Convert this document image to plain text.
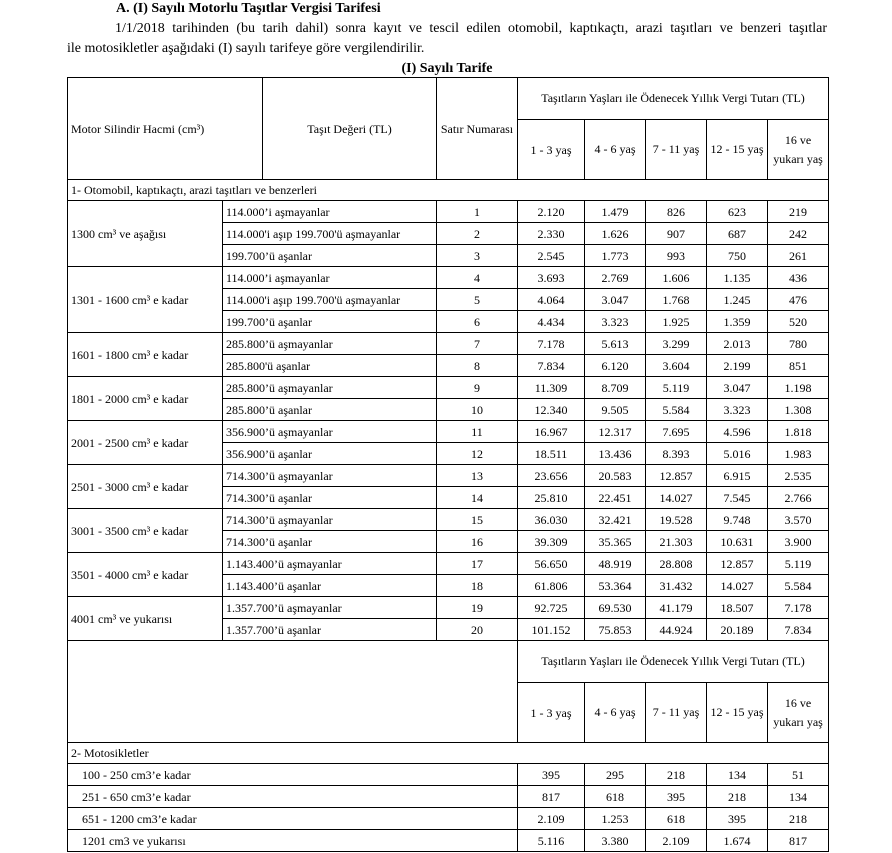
A. (I) Sayılı Motorlu Taşıtlar Vergisi Tarifesi
1/1/2018 tarihinden (bu tarih dahil) sonra kayıt ve tescil edilen otomobil, kaptıkaçtı, arazi taşıtları ve benzeri taşıtlar
ile motosikletler aşağıdaki (I) sayılı tarifeye göre vergilendirilir.
(I) Sayılı Tarife
Motor Silindir Hacmi (cm³)		Taşıt Değeri (TL)	Satır Numarası	Taşıtların Yaşları ile Ödenecek Yıllık Vergi Tutarı (TL)				
				1 - 3 yaş	4 - 6 yaş	7 - 11 yaş	12 - 15 yaş	16 ve yukarı yaş
1- Otomobil, kaptıkaçtı, arazi taşıtları ve benzerleri								
1300 cm³ ve aşağısı	114.000’i aşmayanlar		1	2.120	1.479	826	623	219
	114.000'i aşıp 199.700'ü aşmayanlar		2	2.330	1.626	907	687	242
	199.700’ü aşanlar		3	2.545	1.773	993	750	261
1301 - 1600 cm³ e kadar	114.000’i aşmayanlar		4	3.693	2.769	1.606	1.135	436
	114.000'i aşıp 199.700'ü aşmayanlar		5	4.064	3.047	1.768	1.245	476
	199.700’ü aşanlar		6	4.434	3.323	1.925	1.359	520
1601 - 1800 cm³ e kadar	285.800’ü aşmayanlar		7	7.178	5.613	3.299	2.013	780
	285.800'ü aşanlar		8	7.834	6.120	3.604	2.199	851
1801 - 2000 cm³ e kadar	285.800’ü aşmayanlar		9	11.309	8.709	5.119	3.047	1.198
	285.800’ü aşanlar		10	12.340	9.505	5.584	3.323	1.308
2001 - 2500 cm³ e kadar	356.900’ü aşmayanlar		11	16.967	12.317	7.695	4.596	1.818
	356.900’ü aşanlar		12	18.511	13.436	8.393	5.016	1.983
2501 - 3000 cm³ e kadar	714.300’ü aşmayanlar		13	23.656	20.583	12.857	6.915	2.535
	714.300’ü aşanlar		14	25.810	22.451	14.027	7.545	2.766
3001 - 3500 cm³ e kadar	714.300’ü aşmayanlar		15	36.030	32.421	19.528	9.748	3.570
	714.300’ü aşanlar		16	39.309	35.365	21.303	10.631	3.900
3501 - 4000 cm³ e kadar	1.143.400’ü aşmayanlar		17	56.650	48.919	28.808	12.857	5.119
	1.143.400’ü aşanlar		18	61.806	53.364	31.432	14.027	5.584
4001 cm³ ve yukarısı	1.357.700’ü aşmayanlar		19	92.725	69.530	41.179	18.507	7.178
	1.357.700’ü aşanlar		20	101.152	75.853	44.924	20.189	7.834
				Taşıtların Yaşları ile Ödenecek Yıllık Vergi Tutarı (TL)				
				1 - 3 yaş	4 - 6 yaş	7 - 11 yaş	12 - 15 yaş	16 ve yukarı yaş
2- Motosikletler								
100 - 250 cm3’e kadar				395	295	218	134	51
251 - 650 cm3’e kadar				817	618	395	218	134
651 - 1200 cm3’e kadar				2.109	1.253	618	395	218
1201 cm3 ve yukarısı				5.116	3.380	2.109	1.674	817
